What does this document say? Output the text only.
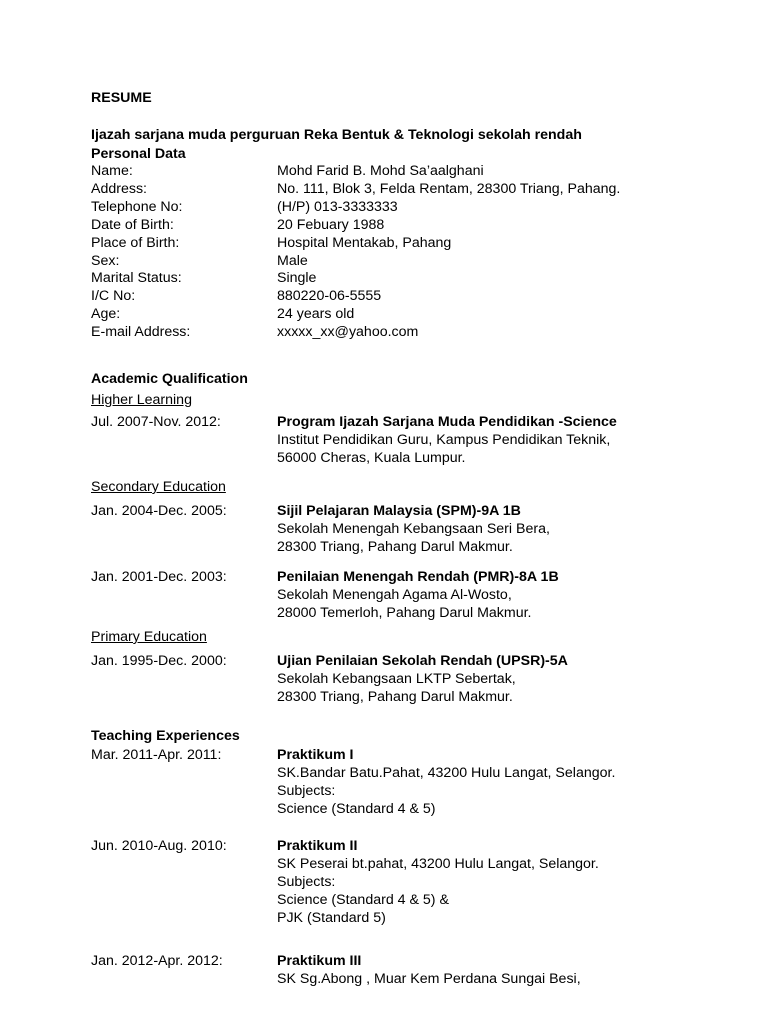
RESUME
Ijazah sarjana muda perguruan Reka Bentuk & Teknologi sekolah rendah
Personal Data
Name:	Mohd Farid B. Mohd Sa’aalghani
Address:	No. 111, Blok 3, Felda Rentam, 28300 Triang, Pahang.
Telephone No:	(H/P) 013-3333333
Date of Birth:	20 Febuary 1988
Place of Birth:	Hospital Mentakab, Pahang
Sex:	Male
Marital Status:	Single
I/C No:	880220-06-5555
Age:	24 years old
E-mail Address:	xxxxx_xx@yahoo.com
Academic Qualification
Higher Learning
Jul. 2007-Nov. 2012:	Program Ijazah Sarjana Muda Pendidikan -Science
Institut Pendidikan Guru, Kampus Pendidikan Teknik,
56000 Cheras, Kuala Lumpur.
Secondary Education
Jan. 2004-Dec. 2005:	Sijil Pelajaran Malaysia (SPM)-9A 1B
Sekolah Menengah Kebangsaan Seri Bera,
28300 Triang, Pahang Darul Makmur.
Jan. 2001-Dec. 2003:	Penilaian Menengah Rendah (PMR)-8A 1B
Sekolah Menengah Agama Al-Wosto,
28000 Temerloh, Pahang Darul Makmur.
Primary Education
Jan. 1995-Dec. 2000:	Ujian Penilaian Sekolah Rendah (UPSR)-5A
Sekolah Kebangsaan LKTP Sebertak,
28300 Triang, Pahang Darul Makmur.
Teaching Experiences
Mar. 2011-Apr. 2011:	Praktikum I
SK.Bandar Batu.Pahat, 43200 Hulu Langat, Selangor.
Subjects:
Science (Standard 4 & 5)
Jun. 2010-Aug. 2010:	Praktikum II
SK Peserai bt.pahat, 43200 Hulu Langat, Selangor.
Subjects:
Science (Standard 4 & 5) &
PJK (Standard 5)
Jan. 2012-Apr. 2012:	Praktikum III
SK Sg.Abong , Muar Kem Perdana Sungai Besi,
